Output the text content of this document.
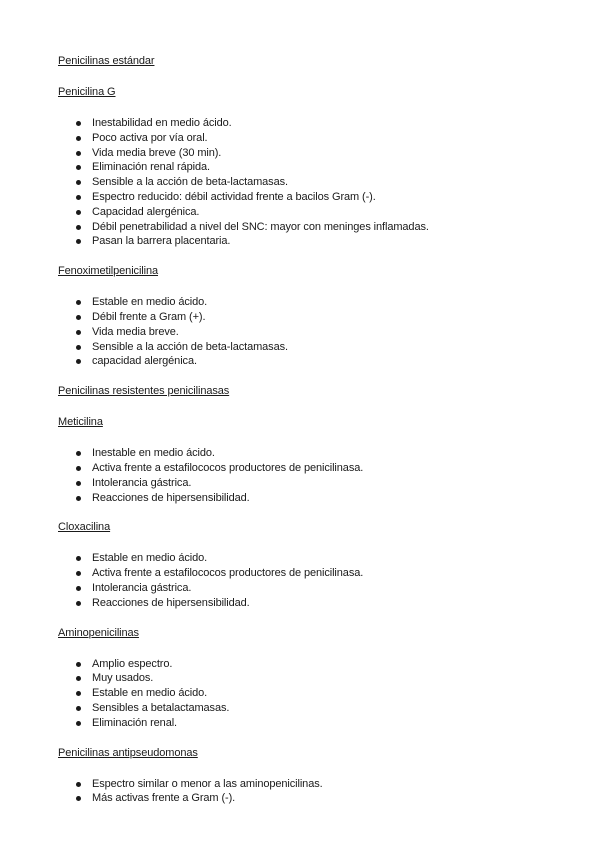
Penicilinas estándar
Penicilina G
Inestabilidad en medio ácido.
Poco activa por vía oral.
Vida media breve (30 min).
Eliminación renal rápida.
Sensible a la acción de beta-lactamasas.
Espectro reducido: débil actividad frente a bacilos Gram (-).
Capacidad alergénica.
Débil penetrabilidad a nivel del SNC: mayor con meninges inflamadas.
Pasan la barrera placentaria.
Fenoximetilpenicilina
Estable en medio ácido.
Débil frente a Gram (+).
Vida media breve.
Sensible a la acción de beta-lactamasas.
capacidad alergénica.
Penicilinas resistentes penicilinasas
Meticilina
Inestable en medio ácido.
Activa frente a estafilococos productores de penicilinasa.
Intolerancia gástrica.
Reacciones de hipersensibilidad.
Cloxacilina
Estable en medio ácido.
Activa frente a estafilococos productores de penicilinasa.
Intolerancia gástrica.
Reacciones de hipersensibilidad.
Aminopenicilinas
Amplio espectro.
Muy usados.
Estable en medio ácido.
Sensibles a betalactamasas.
Eliminación renal.
Penicilinas antipseudomonas
Espectro similar o menor a las aminopenicilinas.
Más activas frente a Gram (-).
